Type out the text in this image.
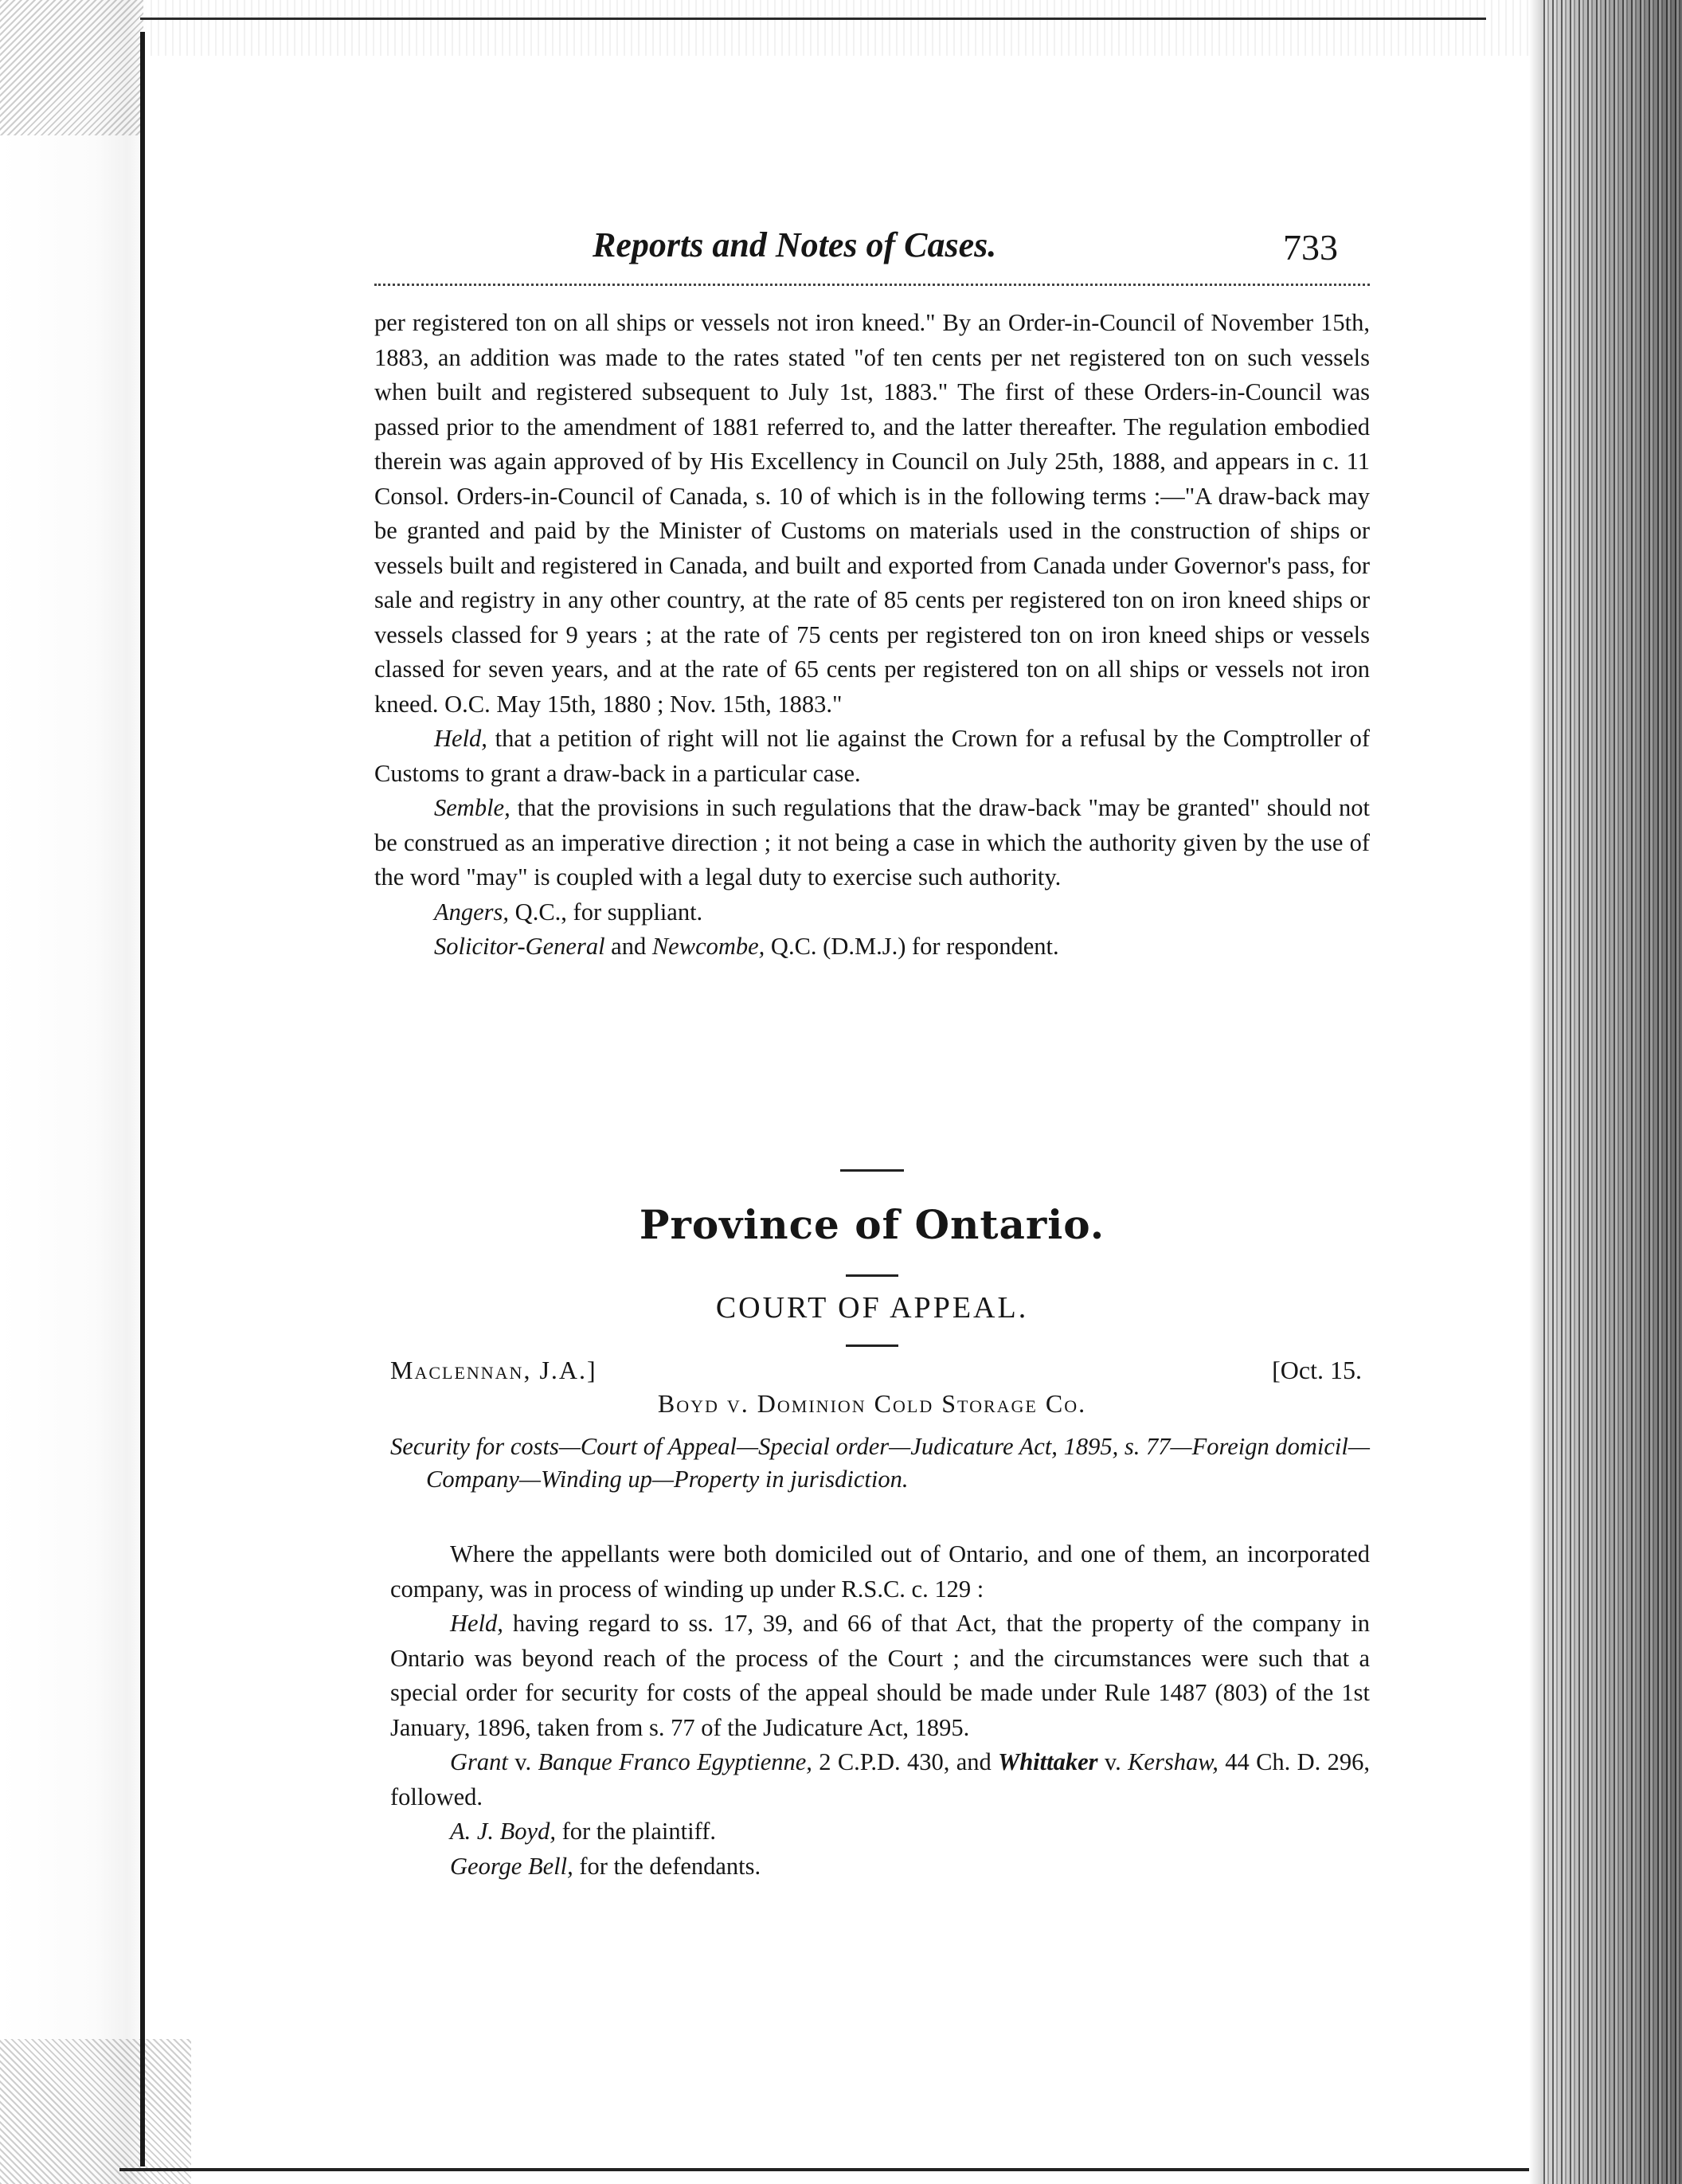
Reports and Notes of Cases.	733

per registered ton on all ships or vessels not iron kneed." By an Order-in-Council of November 15th, 1883, an addition was made to the rates stated "of ten cents per net registered ton on such vessels when built and registered subsequent to July 1st, 1883." The first of these Orders-in-Council was passed prior to the amendment of 1881 referred to, and the latter thereafter. The regulation embodied therein was again approved of by His Excellency in Council on July 25th, 1888, and appears in c. 11 Consol. Orders-in-Council of Canada, s. 10 of which is in the following terms :—"A draw-back may be granted and paid by the Minister of Customs on materials used in the construction of ships or vessels built and registered in Canada, and built and exported from Canada under Governor's pass, for sale and registry in any other country, at the rate of 85 cents per registered ton on iron kneed ships or vessels classed for 9 years ; at the rate of 75 cents per registered ton on iron kneed ships or vessels classed for seven years, and at the rate of 65 cents per registered ton on all ships or vessels not iron kneed. O.C. May 15th, 1880 ; Nov. 15th, 1883."

Held, that a petition of right will not lie against the Crown for a refusal by the Comptroller of Customs to grant a draw-back in a particular case.

Semble, that the provisions in such regulations that the draw-back "may be granted" should not be construed as an imperative direction ; it not being a case in which the authority given by the use of the word "may" is coupled with a legal duty to exercise such authority.

Angers, Q.C., for suppliant.

Solicitor-General and Newcombe, Q.C. (D.M.J.) for respondent.

Province of Ontario.
COURT OF APPEAL.
Maclennan, J.A.]	[Oct. 15.
Boyd v. Dominion Cold Storage Co.
Security for costs—Court of Appeal—Special order—Judicature Act, 1895, s. 77—Foreign domicil—Company—Winding up—Property in jurisdiction.

Where the appellants were both domiciled out of Ontario, and one of them, an incorporated company, was in process of winding up under R.S.C. c. 129 :

Held, having regard to ss. 17, 39, and 66 of that Act, that the property of the company in Ontario was beyond reach of the process of the Court ; and the circumstances were such that a special order for security for costs of the appeal should be made under Rule 1487 (803) of the 1st January, 1896, taken from s. 77 of the Judicature Act, 1895.

Grant v. Banque Franco Egyptienne, 2 C.P.D. 430, and Whittaker v. Kershaw, 44 Ch. D. 296, followed.

A. J. Boyd, for the plaintiff.

George Bell, for the defendants.
